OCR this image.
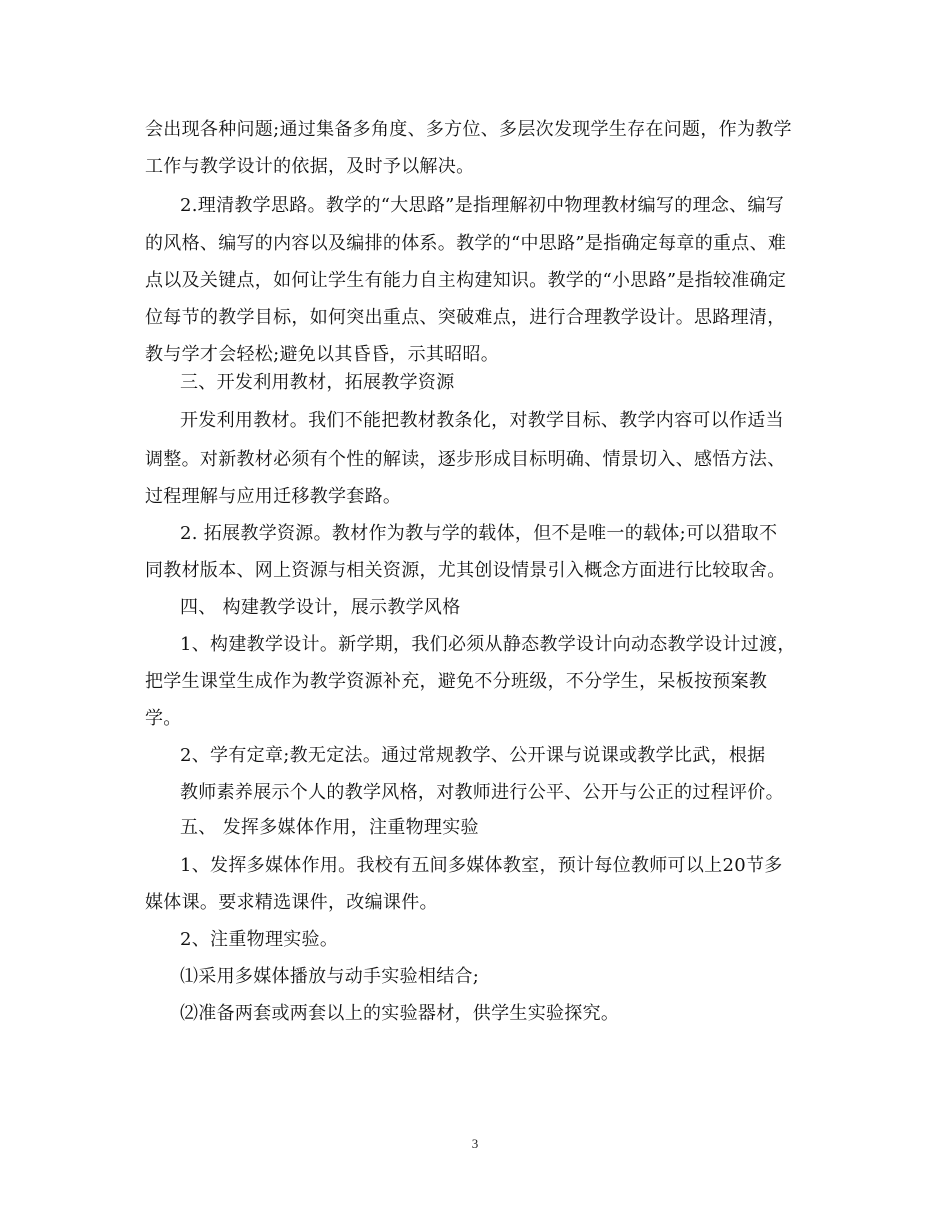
会出现各种问题;通过集备多角度、多方位、多层次发现学生存在问题，作为教学
工作与教学设计的依据，及时予以解决。
2.理清教学思路。教学的“大思路”是指理解初中物理教材编写的理念、编写
的风格、编写的内容以及编排的体系。教学的“中思路”是指确定每章的重点、难
点以及关键点，如何让学生有能力自主构建知识。教学的“小思路”是指较准确定
位每节的教学目标，如何突出重点、突破难点，进行合理教学设计。思路理清，
教与学才会轻松;避免以其昏昏，示其昭昭。
三、开发利用教材，拓展教学资源
开发利用教材。我们不能把教材教条化，对教学目标、教学内容可以作适当
调整。对新教材必须有个性的解读，逐步形成目标明确、情景切入、感悟方法、
过程理解与应用迁移教学套路。
2. 拓展教学资源。教材作为教与学的载体，但不是唯一的载体;可以猎取不
同教材版本、网上资源与相关资源，尤其创设情景引入概念方面进行比较取舍。
四、 构建教学设计，展示教学风格
1、构建教学设计。新学期，我们必须从静态教学设计向动态教学设计过渡，
把学生课堂生成作为教学资源补充，避免不分班级，不分学生，呆板按预案教
学。
2、学有定章;教无定法。通过常规教学、公开课与说课或教学比武，根据
教师素养展示个人的教学风格，对教师进行公平、公开与公正的过程评价。
五、 发挥多媒体作用，注重物理实验
1、发挥多媒体作用。我校有五间多媒体教室，预计每位教师可以上20节多
媒体课。要求精选课件，改编课件。
2、注重物理实验。
⑴采用多媒体播放与动手实验相结合;
⑵准备两套或两套以上的实验器材，供学生实验探究。
3
